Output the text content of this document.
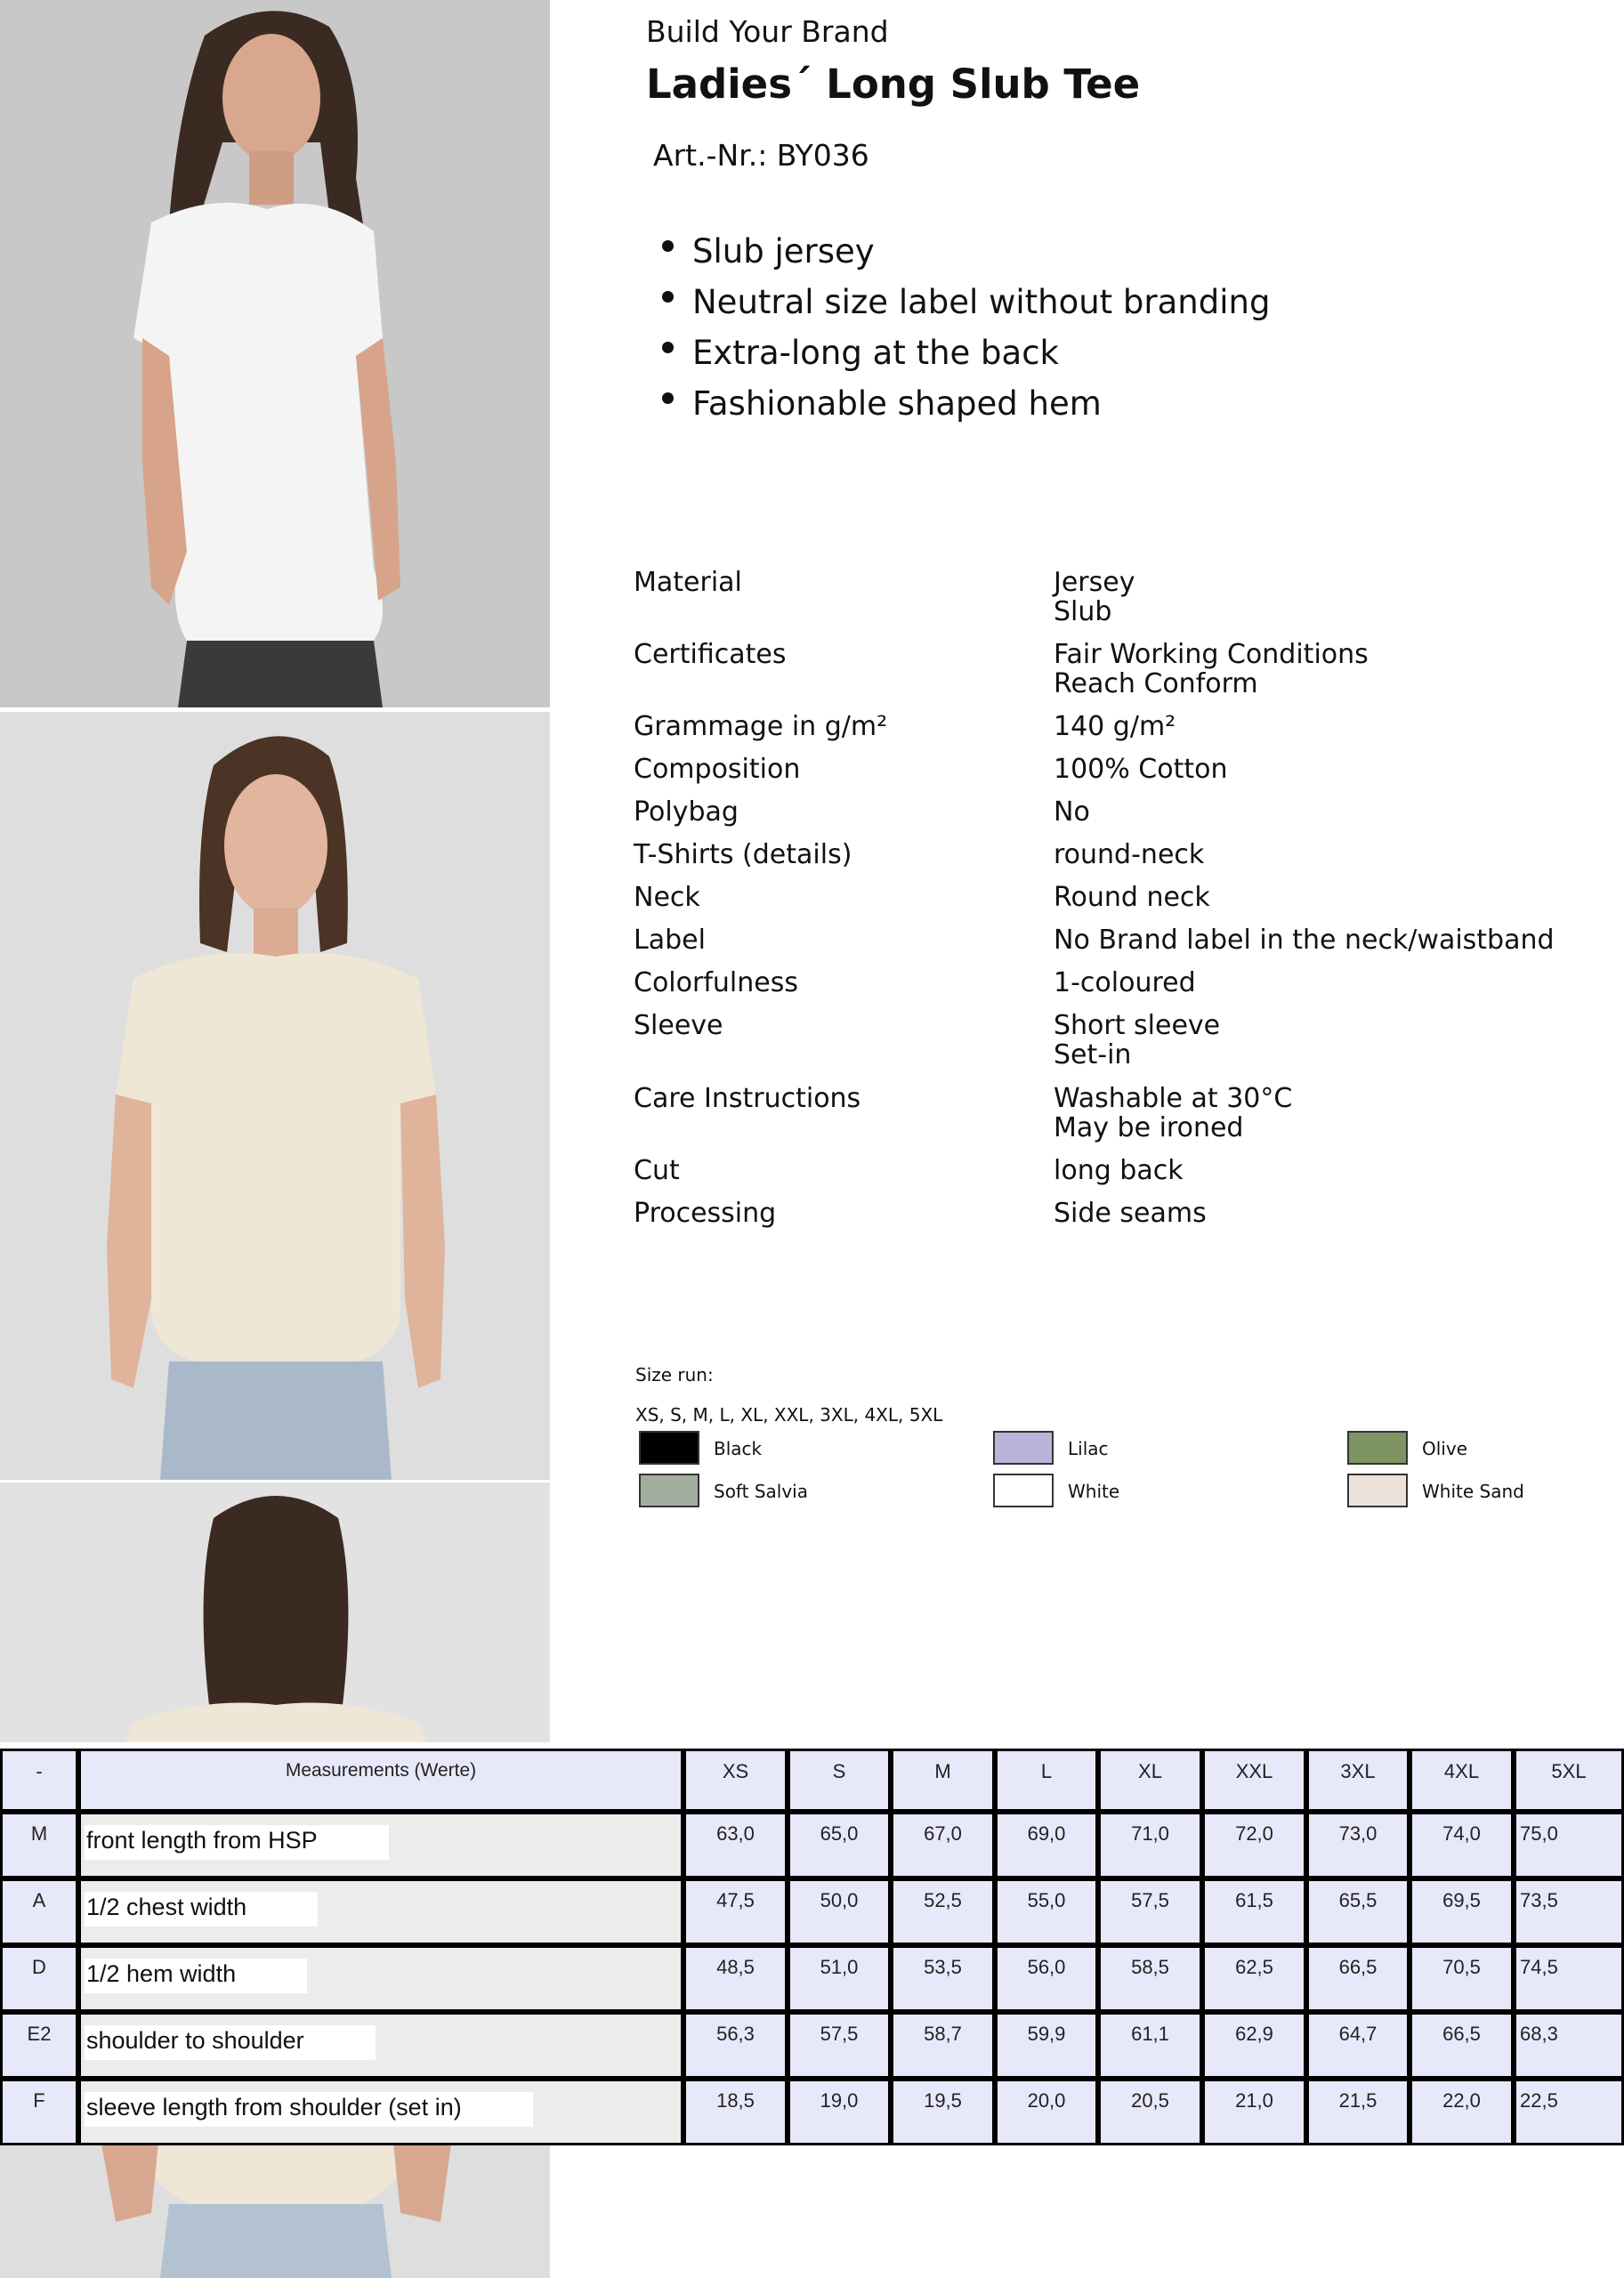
Build Your Brand
Ladies´ Long Slub Tee
Art.-Nr.: BY036
Slub jersey
Neutral size label without branding
Extra-long at the back
Fashionable shaped hem
Material	Jersey
Slub
Certificates	Fair Working Conditions
Reach Conform
Grammage in g/m²	140 g/m²
Composition	100% Cotton
Polybag	No
T-Shirts (details)	round-neck
Neck	Round neck
Label	No Brand label in the neck/waistband
Colorfulness	1-coloured
Sleeve	Short sleeve
Set-in
Care Instructions	Washable at 30°C
May be ironed
Cut	long back
Processing	Side seams
Size run:
XS, S, M, L, XL, XXL, 3XL, 4XL, 5XL
Black	Lilac	Olive
Soft Salvia	White	White Sand
-	Measurements (Werte)	XS	S	M	L	XL	XXL	3XL	4XL	5XL
M	front length from HSP	63,0	65,0	67,0	69,0	71,0	72,0	73,0	74,0	75,0
A	1/2 chest width	47,5	50,0	52,5	55,0	57,5	61,5	65,5	69,5	73,5
D	1/2 hem width	48,5	51,0	53,5	56,0	58,5	62,5	66,5	70,5	74,5
E2	shoulder to shoulder	56,3	57,5	58,7	59,9	61,1	62,9	64,7	66,5	68,3
F	sleeve length from shoulder (set in)	18,5	19,0	19,5	20,0	20,5	21,0	21,5	22,0	22,5
